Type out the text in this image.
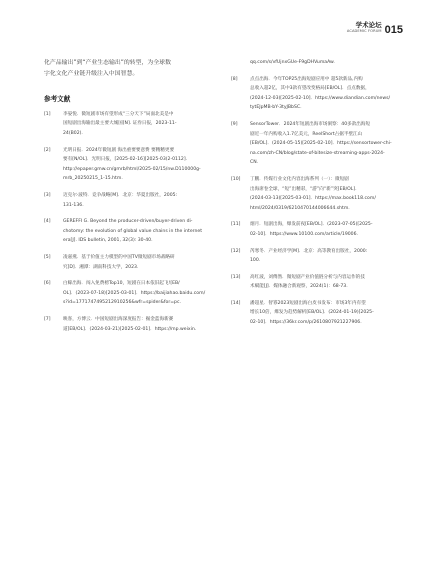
学术论坛
ACADEMIC FORUM 015

化产品输出”到“产业生态输出”的转型，为全球数
字化文化产业链升级注入中国智慧。

参考文献
[1]	李晏悦．微短剧市场有望形成“三分天下”局面北美是中
国短剧出海输出最主要大城国[N]. 证券日报，2023-11-
24(B02).
[2]	光明日报．2024年微短剧 海出重要要意费 要精精更要
要有[N/OL]．光明日报，[2025-02-16][2025-03(2-0112].
http://epaper.gmw.cn/gmrb/html/2025-02/15/nw.D110000g-
mrb_20250215_1-15.htm.
[3]	迈克尔·波特．竞争战略[M]．北京：华夏出版社，2005:
131-136.
[4]	GEREFFI G. Beyond the producer-driven/buyer-driven di-
chotomy: the evolution of global value chains in the internet
era[J]. IDS bulletin, 2001, 32(3): 30-40.
[5]	凌嘉燕．基于价值主力模型的中国TV微短剧市场战略研
究[D]．湘潭：湖南科技大学，2023.
[6]	白鲸出海．闯入免费榜Top10，短剧在日本依旧起飞![EB/
OL]．(2023-07-18)[2025-03-01]．https://baijiahao.baidu.com/
s?id=1771747495212910256&wfr=spider&for=pc.
[7]	映客，方博云．中国短剧出海深度报告：掘金蓝海新赛
道[EB/OL]．(2024-03-21)[2025-02-01]．https://mp.weixin.
qq.com/s/vfUjnxGUe-F9gDHVumaAw.
[8]	点点出海．今年TOP25出海短剧应用中 超5款新品,内购
总收入超2亿，其中3款有望改变格局[EB/OL]．点点数据，
(2024-12-03)[2025-02-10]．https://www.diandian.com/news/
tytEJpMB-bY-3tyJBbSC.
[9]	SensorTower．2024年短剧出海市场洞察：40多款出海短
剧近一年内购收入1.7亿美元，ReelShort占据半壁江山
[EB/OL]．(2024-05-15)[2025-02-10]．https://sensortower-chi-
na.com/zh-CN/blog/state-of-bitesize-streaming-apps-2024-
CN.
[10]	丁鹏．传媒行业文化内容出海系列（一）：微短剧
出海席卷全球，“短”出精彩，“游”向“新”突[EB/OL].
(2024-03-13)[2025-03-01]．https://max.book118.com/
html/2024/0319/6210470144006644.shtm.
[11]	烟月．短剧出海，爆发前夜[EB/OL]．(2023-07-05)[2025-
02-10]．https://www.10100.com/article/19006.
[12]	芮寒冬．产业经济学[M]．北京：高等教育出版社，2000:
100.
[13]	高红波，刘傅然．微短剧产业价值链分析与内容运作的技
术赋能[J]．媒体融合新观察，2024(1)：68-73.
[14]	潘超星．智寡2023短剧出海白皮书发布：市场3年内有望
增长10倍，爆发为趋势解析[EB/OL]．(2024-01-19)[2025-
02-10]．https://36kr.com/p/2610807921227906.
